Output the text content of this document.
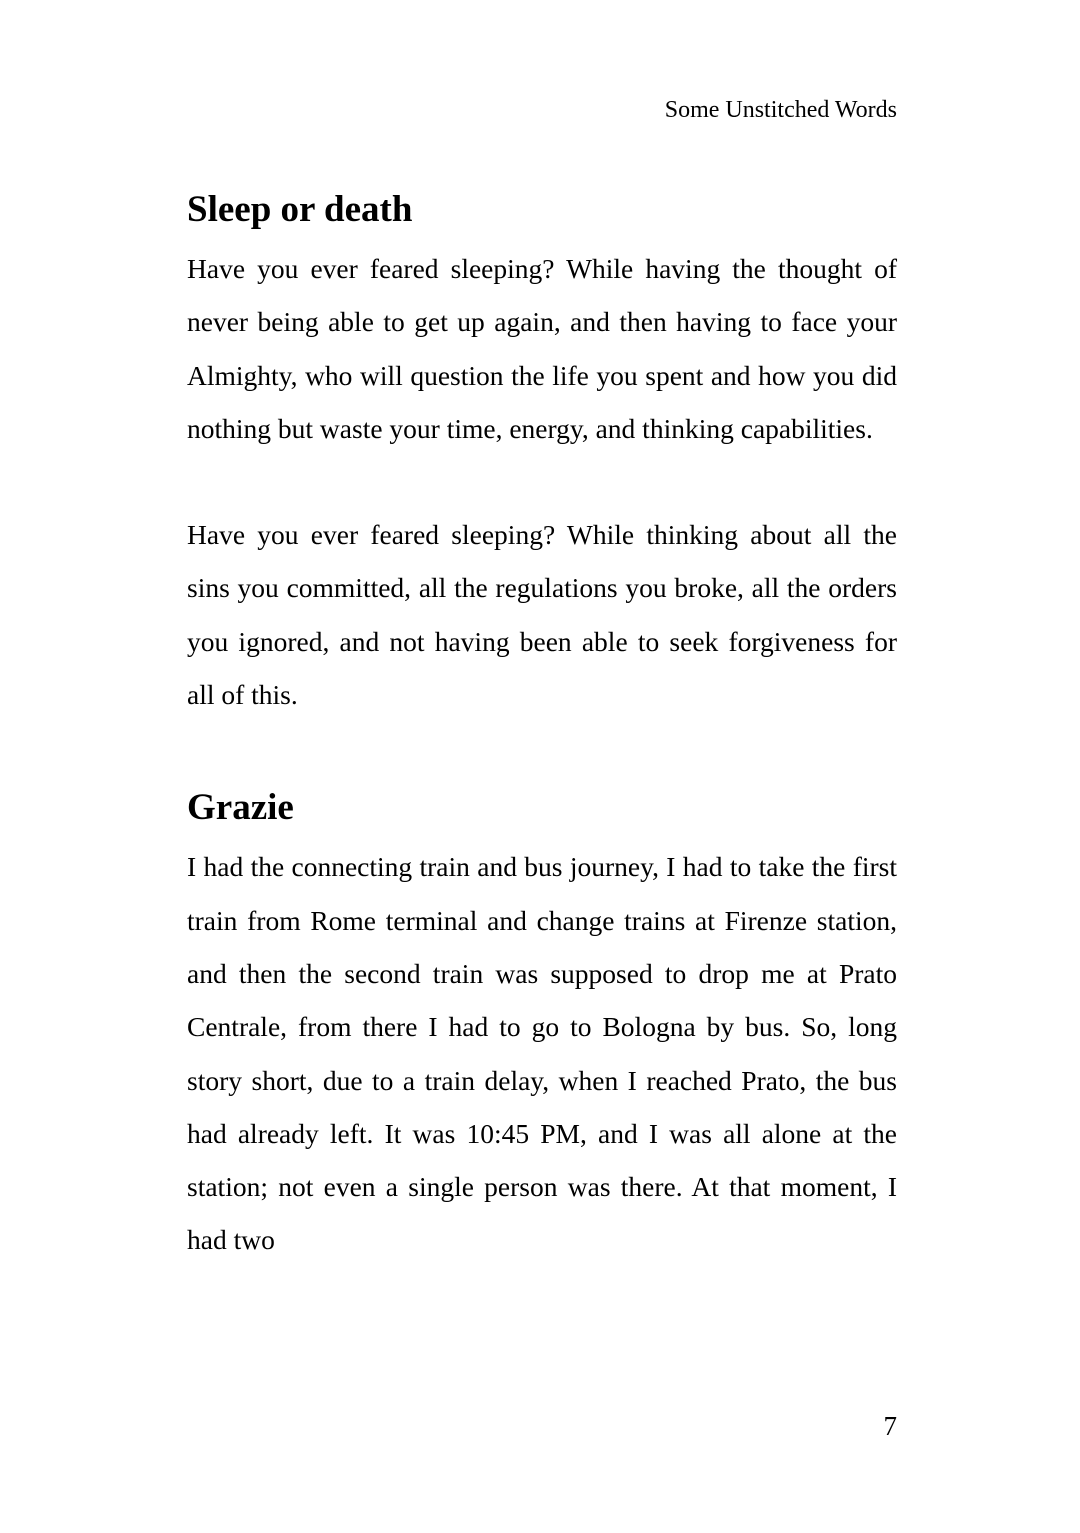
Some Unstitched Words
Sleep or death

Have you ever feared sleeping? While having the thought of never being able to get up again, and then having to face your Almighty, who will question the life you spent and how you did nothing but waste your time, energy, and thinking capabilities.

Have you ever feared sleeping? While thinking about all the sins you committed, all the regulations you broke, all the orders you ignored, and not having been able to seek forgiveness for all of this.

Grazie

I had the connecting train and bus journey, I had to take the first train from Rome terminal and change trains at Firenze station, and then the second train was supposed to drop me at Prato Centrale, from there I had to go to Bologna by bus. So, long story short, due to a train delay, when I reached Prato, the bus had already left. It was 10:45 PM, and I was all alone at the station; not even a single person was there. At that moment, I had two

7
